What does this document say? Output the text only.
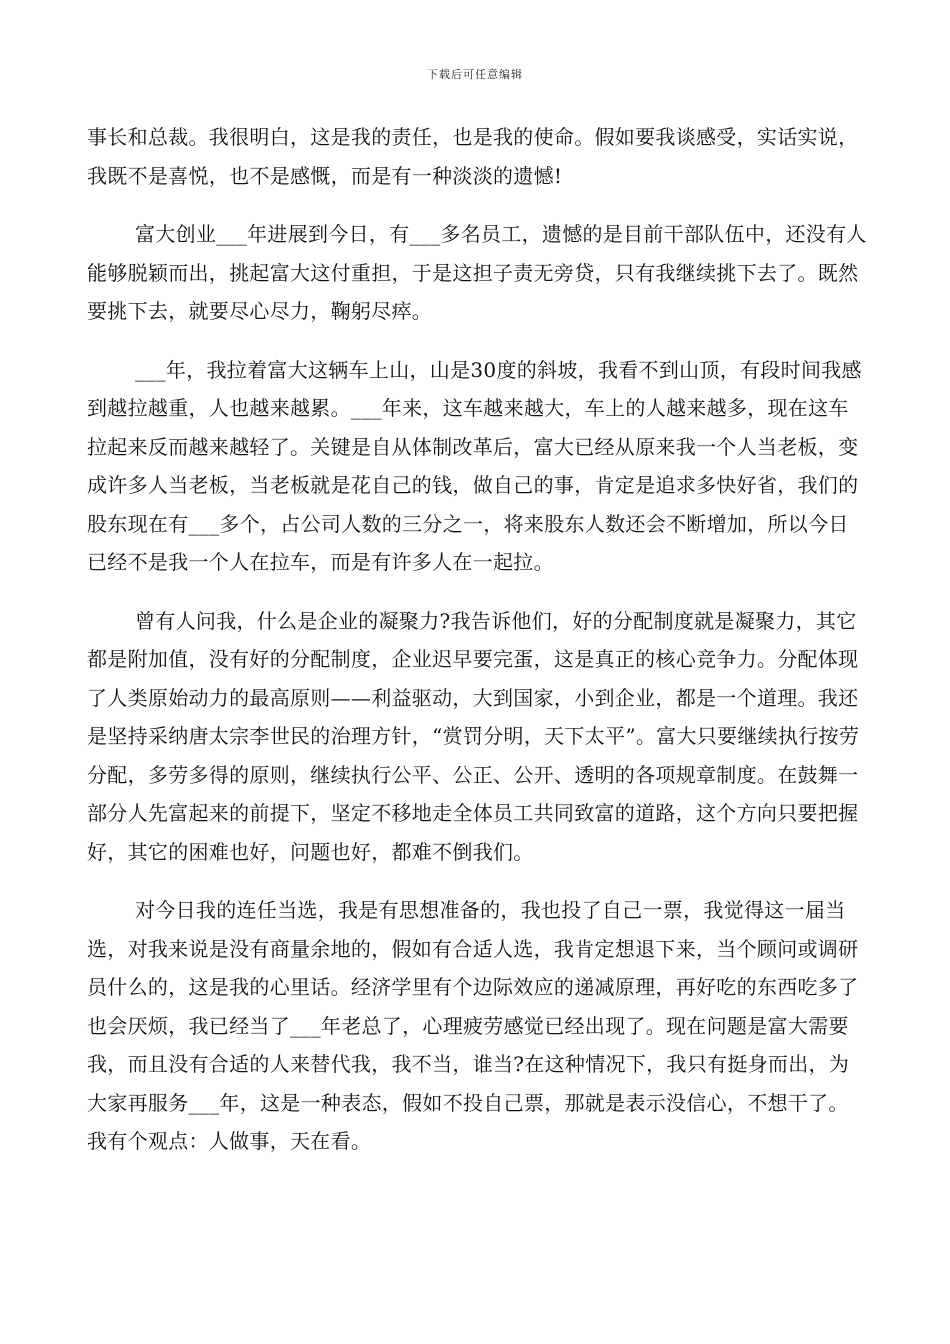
下载后可任意编辑

事长和总裁。我很明白，这是我的责任，也是我的使命。假如要我谈感受，实话实说，我既不是喜悦，也不是感慨，而是有一种淡淡的遗憾!

富大创业___年进展到今日，有___多名员工，遗憾的是目前干部队伍中，还没有人能够脱颖而出，挑起富大这付重担，于是这担子责无旁贷，只有我继续挑下去了。既然要挑下去，就要尽心尽力，鞠躬尽瘁。

___年，我拉着富大这辆车上山，山是30度的斜坡，我看不到山顶，有段时间我感到越拉越重，人也越来越累。___年来，这车越来越大，车上的人越来越多，现在这车拉起来反而越来越轻了。关键是自从体制改革后，富大已经从原来我一个人当老板，变成许多人当老板，当老板就是花自己的钱，做自己的事，肯定是追求多快好省，我们的股东现在有___多个，占公司人数的三分之一，将来股东人数还会不断增加，所以今日已经不是我一个人在拉车，而是有许多人在一起拉。

曾有人问我，什么是企业的凝聚力?我告诉他们，好的分配制度就是凝聚力，其它都是附加值，没有好的分配制度，企业迟早要完蛋，这是真正的核心竞争力。分配体现了人类原始动力的最高原则——利益驱动，大到国家，小到企业，都是一个道理。我还是坚持采纳唐太宗李世民的治理方针，“赏罚分明，天下太平”。富大只要继续执行按劳分配，多劳多得的原则，继续执行公平、公正、公开、透明的各项规章制度。在鼓舞一部分人先富起来的前提下，坚定不移地走全体员工共同致富的道路，这个方向只要把握好，其它的困难也好，问题也好，都难不倒我们。

对今日我的连任当选，我是有思想准备的，我也投了自己一票，我觉得这一届当选，对我来说是没有商量余地的，假如有合适人选，我肯定想退下来，当个顾问或调研员什么的，这是我的心里话。经济学里有个边际效应的递减原理，再好吃的东西吃多了也会厌烦，我已经当了___年老总了，心理疲劳感觉已经出现了。现在问题是富大需要我，而且没有合适的人来替代我，我不当，谁当?在这种情况下，我只有挺身而出，为大家再服务___年，这是一种表态，假如不投自己票，那就是表示没信心，不想干了。我有个观点：人做事，天在看。
